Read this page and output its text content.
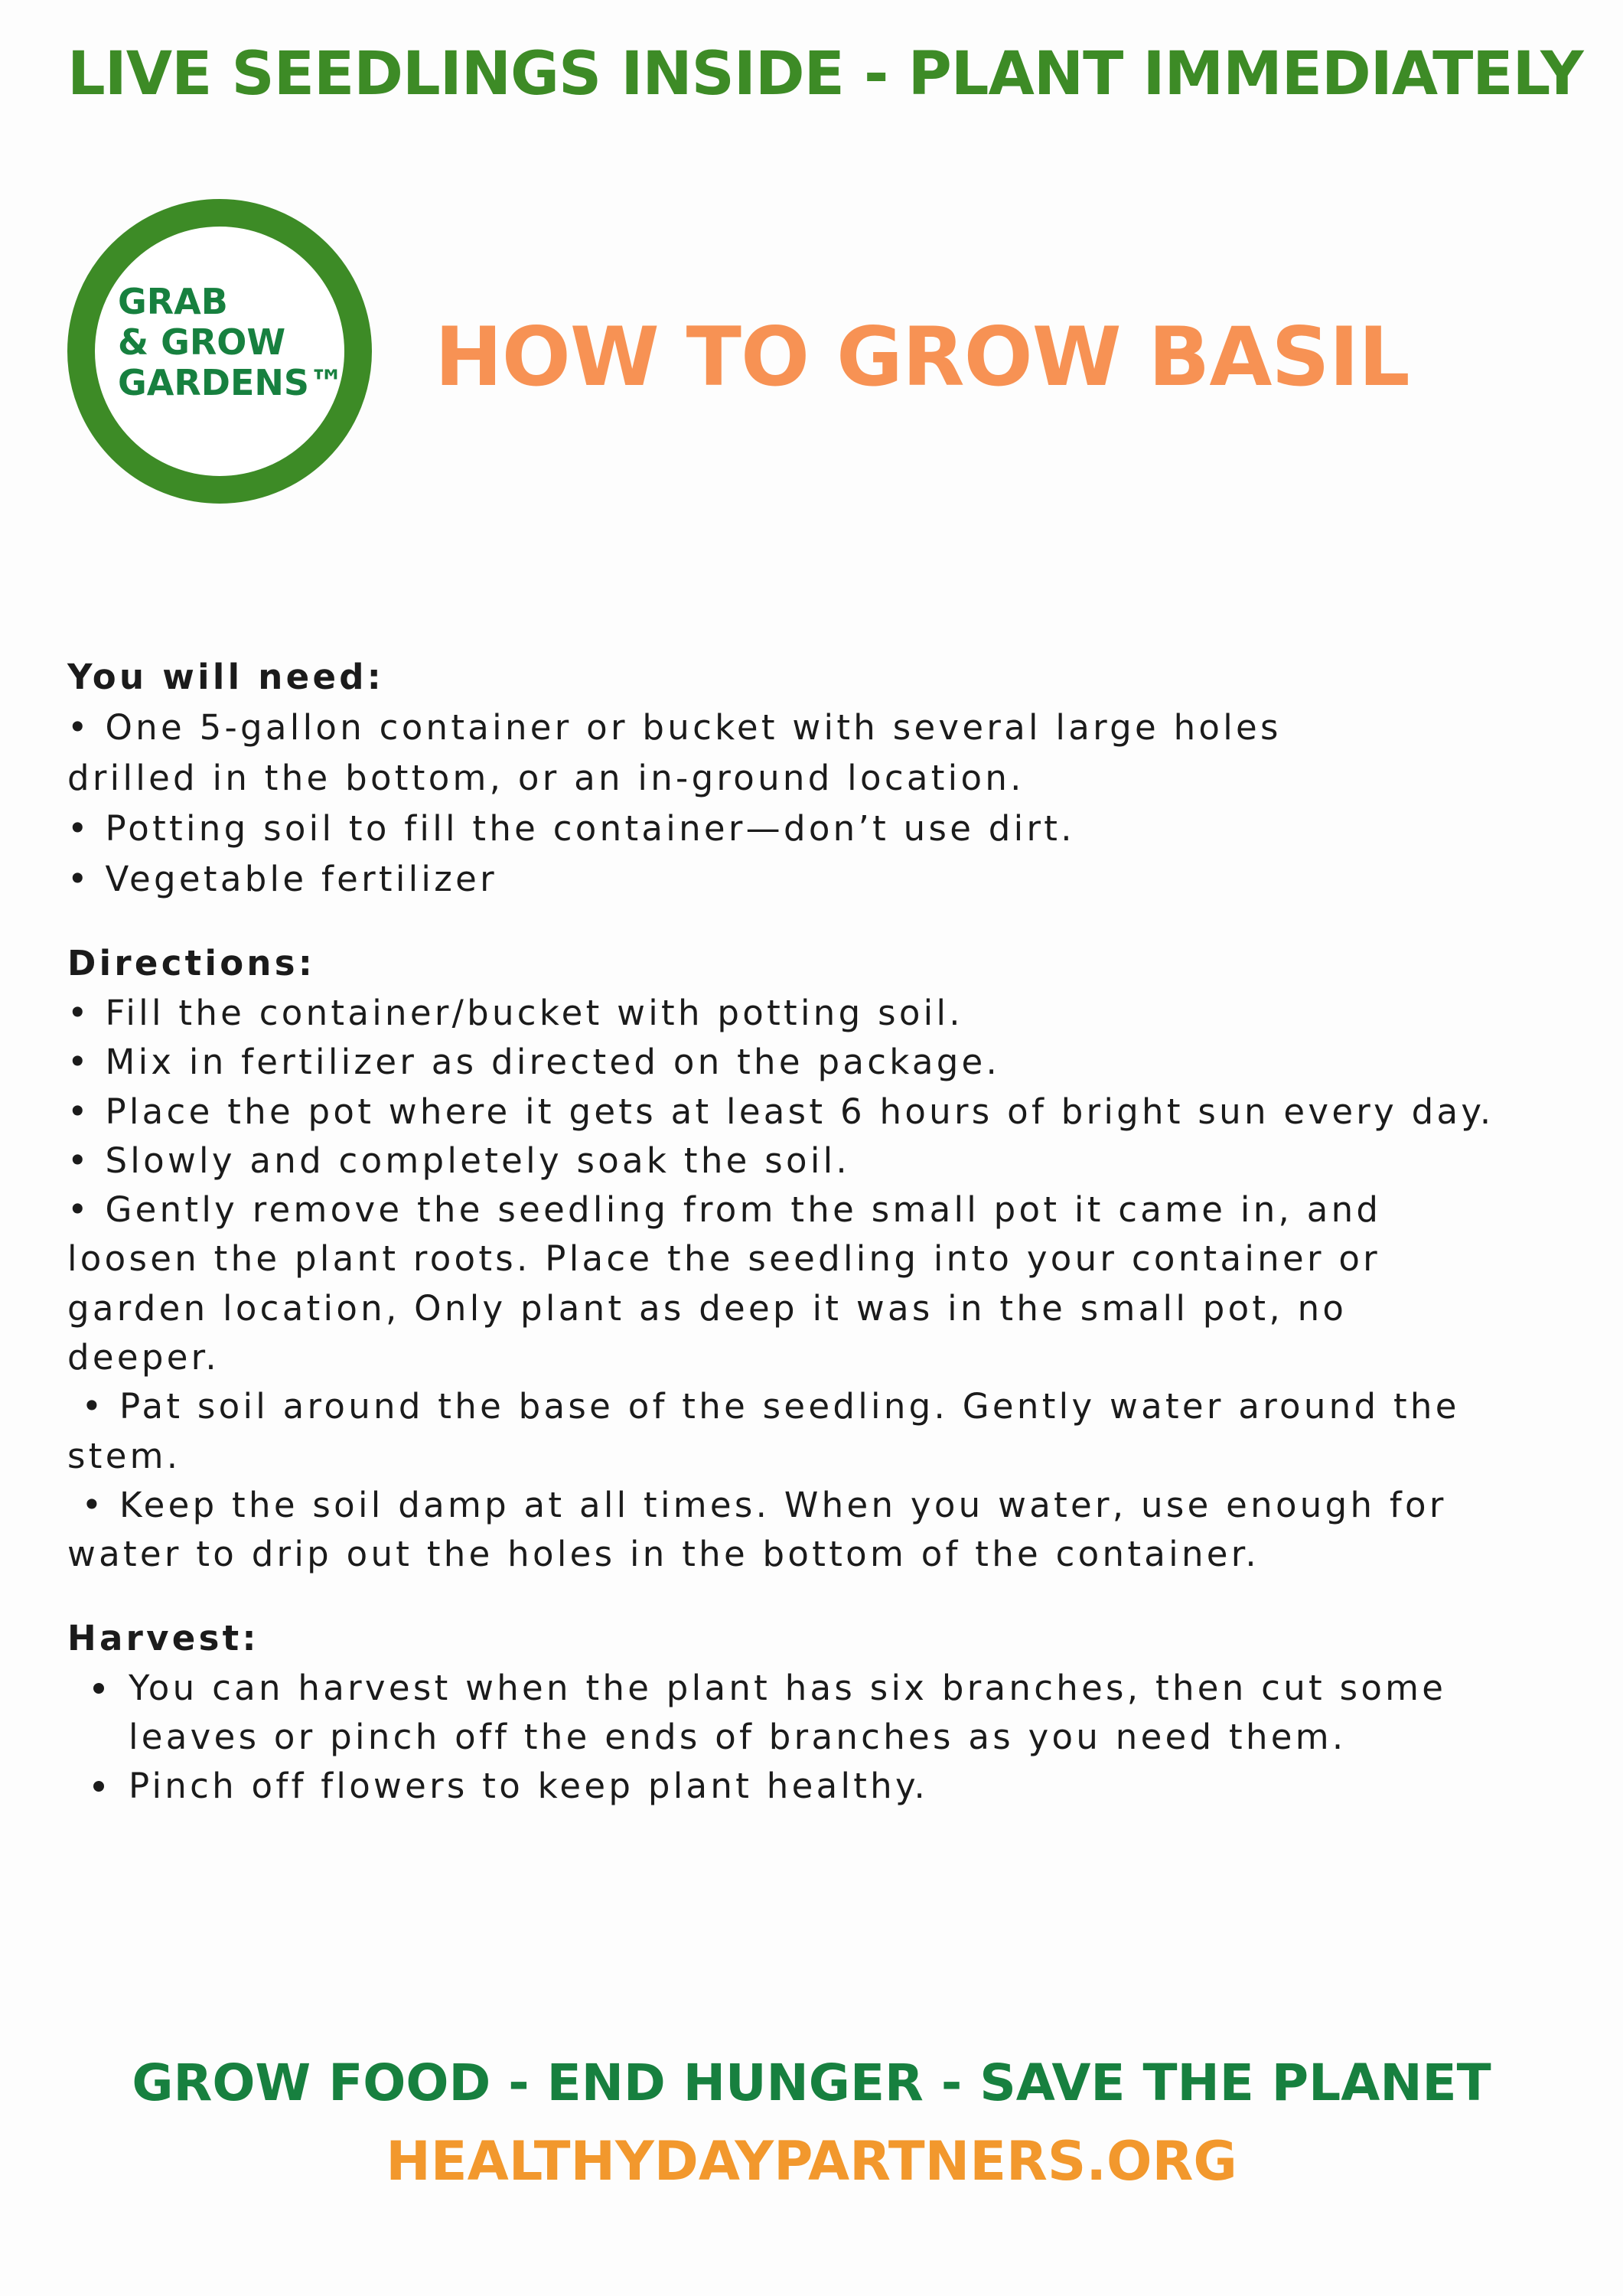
LIVE SEEDLINGS INSIDE - PLANT IMMEDIATELY
GRAB
& GROW
GARDENS™ HOW TO GROW BASIL
You will need:
• One 5-gallon container or bucket with several large holes
drilled in the bottom, or an in-ground location.
• Potting soil to fill the container—don’t use dirt.
• Vegetable fertilizer
Directions:
• Fill the container/bucket with potting soil.
• Mix in fertilizer as directed on the package.
• Place the pot where it gets at least 6 hours of bright sun every day.
• Slowly and completely soak the soil.
• Gently remove the seedling from the small pot it came in, and
loosen the plant roots. Place the seedling into your container or
garden location, Only plant as deep it was in the small pot, no
deeper.
• Pat soil around the base of the seedling. Gently water around the
stem.
• Keep the soil damp at all times. When you water, use enough for
water to drip out the holes in the bottom of the container.
Harvest:
You can harvest when the plant has six branches, then cut some
leaves or pinch off the ends of branches as you need them.
Pinch off flowers to keep plant healthy.
GROW FOOD - END HUNGER - SAVE THE PLANET
HEALTHYDAYPARTNERS.ORG
